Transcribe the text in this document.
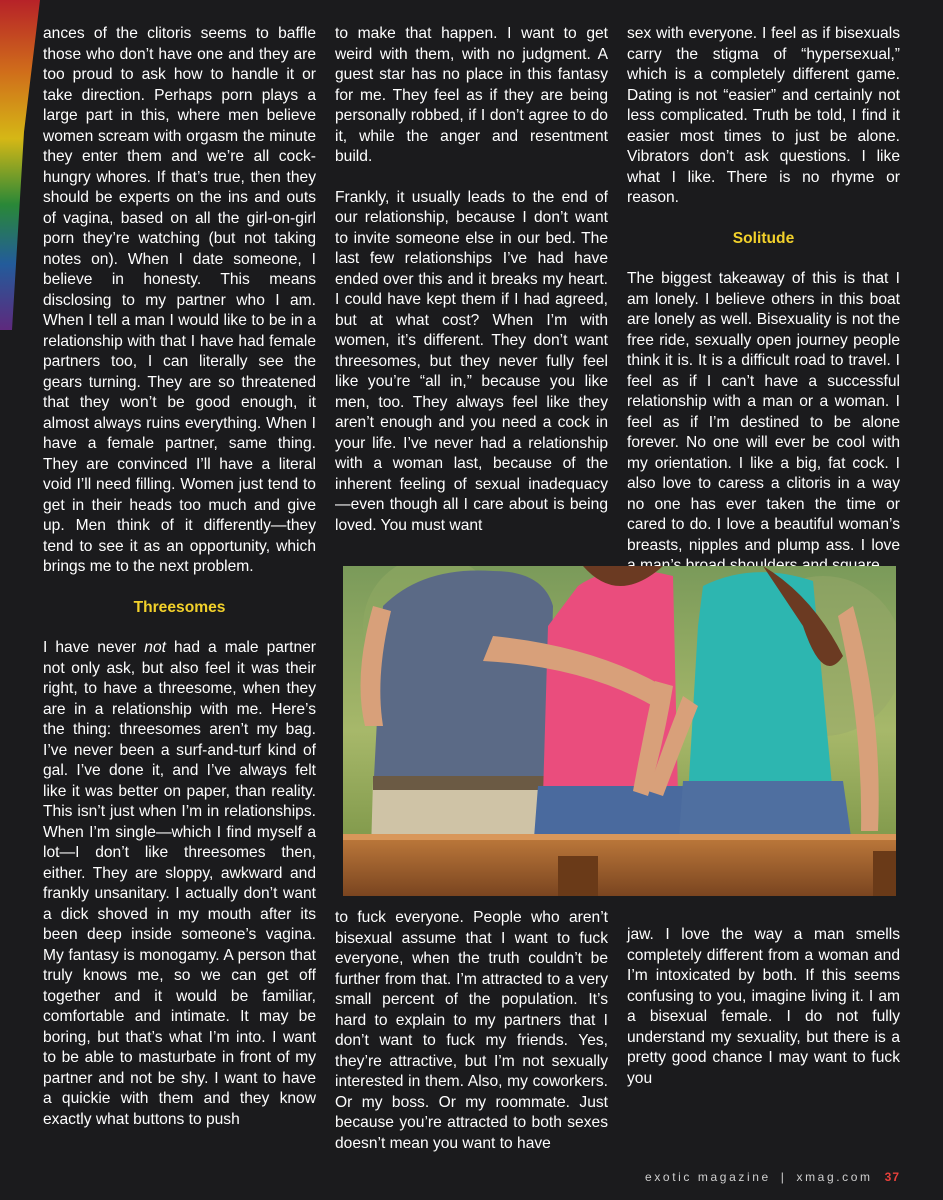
ances of the clitoris seems to baffle those who don’t have one and they are too proud to ask how to handle it or take direction. Perhaps porn plays a large part in this, where men believe women scream with orgasm the minute they enter them and we’re all cock-hungry whores. If that’s true, then they should be experts on the ins and outs of vagina, based on all the girl-on-girl porn they’re watching (but not taking notes on). When I date someone, I believe in honesty. This means disclosing to my partner who I am. When I tell a man I would like to be in a relationship with that I have had female partners too, I can literally see the gears turning. They are so threatened that they won’t be good enough, it almost always ruins everything. When I have a female partner, same thing. They are convinced I’ll have a literal void I’ll need filling. Women just tend to get in their heads too much and give up. Men think of it differently—they tend to see it as an opportunity, which brings me to the next problem.

Threesomes

I have never not had a male partner not only ask, but also feel it was their right, to have a threesome, when they are in a relationship with me. Here’s the thing: threesomes aren’t my bag. I’ve never been a surf-and-turf kind of gal. I’ve done it, and I’ve always felt like it was better on paper, than reality. This isn’t just when I’m in relationships. When I’m single—which I find myself a lot—I don’t like threesomes then, either. They are sloppy, awkward and frankly unsanitary. I actually don’t want a dick shoved in my mouth after its been deep inside someone’s vagina. My fantasy is monogamy. A person that truly knows me, so we can get off together and it would be familiar, comfortable and intimate. It may be boring, but that’s what I’m into. I want to be able to masturbate in front of my partner and not be shy. I want to have a quickie with them and they know exactly what buttons to push

to make that happen. I want to get weird with them, with no judgment. A guest star has no place in this fantasy for me. They feel as if they are being personally robbed, if I don’t agree to do it, while the anger and resentment build.

Frankly, it usually leads to the end of our relationship, because I don’t want to invite someone else in our bed. The last few relationships I’ve had have ended over this and it breaks my heart. I could have kept them if I had agreed, but at what cost? When I’m with women, it’s different. They don’t want threesomes, but they never fully feel like you’re “all in,” because you like men, too. They always feel like they aren’t enough and you need a cock in your life. I’ve never had a relationship with a woman last, because of the inherent feeling of sexual inadequacy—even though all I care about is being loved. You must want

sex with everyone. I feel as if bisexuals carry the stigma of “hypersexual,” which is a completely different game. Dating is not “easier” and certainly not less complicated. Truth be told, I find it easier most times to just be alone. Vibrators don’t ask questions. I like what I like. There is no rhyme or reason.

Solitude

The biggest takeaway of this is that I am lonely. I believe others in this boat are lonely as well. Bisexuality is not the free ride, sexually open journey people think it is. It is a difficult road to travel. I feel as if I can’t have a successful relationship with a man or a woman. I feel as if I’m destined to be alone forever. No one will ever be cool with my orientation. I like a big, fat cock. I also love to caress a clitoris in a way no one has ever taken the time or cared to do. I love a beautiful woman’s breasts, nipples and plump ass. I love

to fuck everyone. People who aren’t bisexual assume that I want to fuck everyone, when the truth couldn’t be further from that. I’m attracted to a very small percent of the population. It’s hard to explain to my partners that I don’t want to fuck my friends. Yes, they’re attractive, but I’m not sexually interested in them. Also, my coworkers. Or my boss. Or my roommate. Just because you’re attracted to both sexes doesn’t mean you want to have

jaw. I love the way a man smells completely different from a woman and I’m intoxicated by both. If this seems confusing to you, imagine living it. I am a bisexual female. I do not fully understand my sexuality, but there is a pretty good chance I may want to fuck you

exotic magazine | xmag.com 37
